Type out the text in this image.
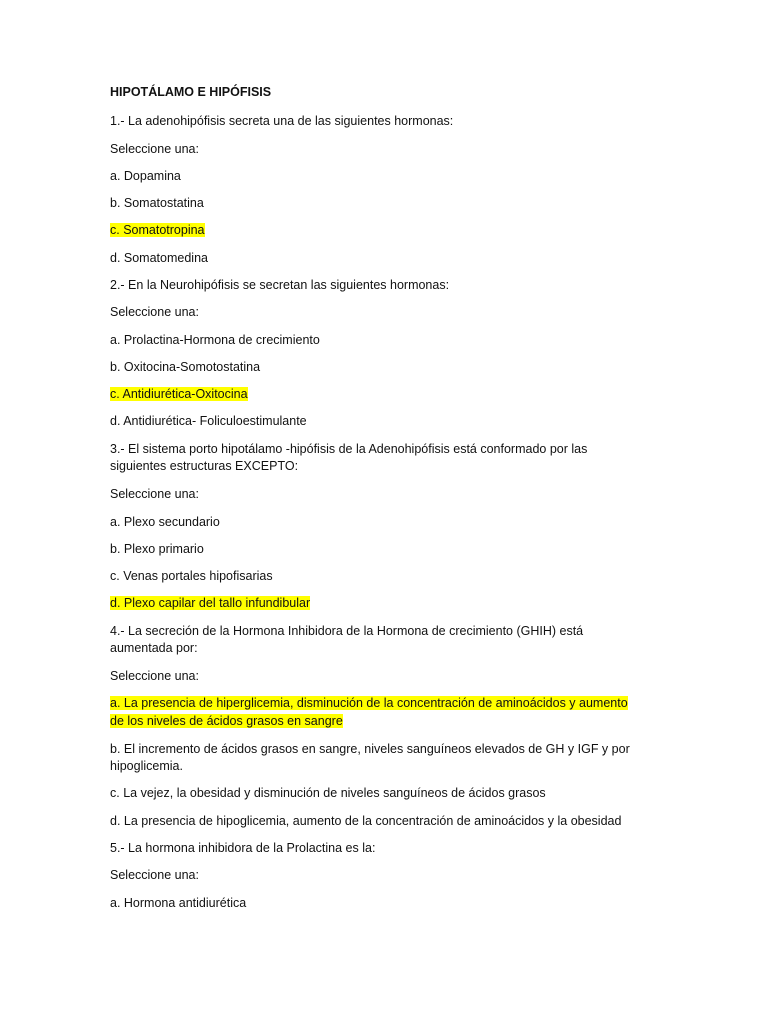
HIPOTÁLAMO E HIPÓFISIS

1.- La adenohipófisis secreta una de las siguientes hormonas:

Seleccione una:

a. Dopamina

b. Somatostatina

c. Somatotropina

d. Somatomedina

2.- En la Neurohipófisis se secretan las siguientes hormonas:

Seleccione una:

a. Prolactina-Hormona de crecimiento

b. Oxitocina-Somotostatina

c. Antidiurética-Oxitocina

d. Antidiurética- Foliculoestimulante

3.- El sistema porto hipotálamo -hipófisis de la Adenohipófisis está conformado por las

siguientes estructuras EXCEPTO:

Seleccione una:

a. Plexo secundario

b. Plexo primario

c. Venas portales hipofisarias

d. Plexo capilar del tallo infundibular

4.- La secreción de la Hormona Inhibidora de la Hormona de crecimiento (GHIH) está

aumentada por:

Seleccione una:

a. La presencia de hiperglicemia, disminución de la concentración de aminoácidos y aumento

de los niveles de ácidos grasos en sangre

b. El incremento de ácidos grasos en sangre, niveles sanguíneos elevados de GH y IGF y por

hipoglicemia.

c. La vejez, la obesidad y disminución de niveles sanguíneos de ácidos grasos

d. La presencia de hipoglicemia, aumento de la concentración de aminoácidos y la obesidad

5.- La hormona inhibidora de la Prolactina es la:

Seleccione una:

a. Hormona antidiurética
